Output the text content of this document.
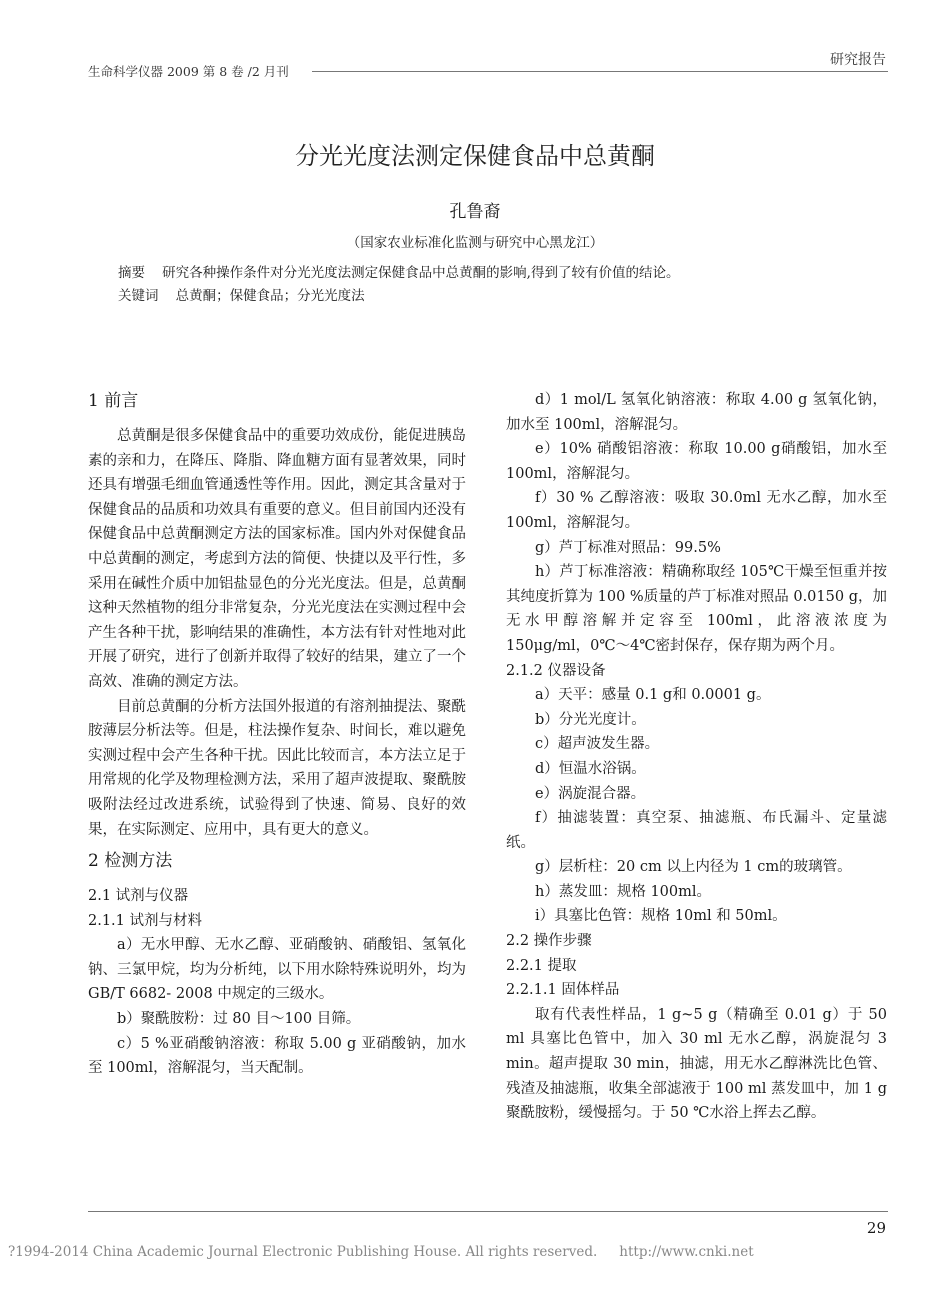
生命科学仪器 2009 第 8 卷 /2 月刊
研究报告
分光光度法测定保健食品中总黄酮
孔鲁裔
（国家农业标准化监测与研究中心黑龙江）
摘要    研究各种操作条件对分光光度法测定保健食品中总黄酮的影响,得到了较有价值的结论。
关键词    总黄酮；保健食品；分光光度法

1 前言

总黄酮是很多保健食品中的重要功效成份，能促进胰岛素的亲和力，在降压、降脂、降血糖方面有显著效果，同时还具有增强毛细血管通透性等作用。因此，测定其含量对于保健食品的品质和功效具有重要的意义。但目前国内还没有保健食品中总黄酮测定方法的国家标准。国内外对保健食品中总黄酮的测定，考虑到方法的简便、快捷以及平行性，多采用在碱性介质中加铝盐显色的分光光度法。但是，总黄酮这种天然植物的组分非常复杂，分光光度法在实测过程中会产生各种干扰，影响结果的准确性，本方法有针对性地对此开展了研究，进行了创新并取得了较好的结果，建立了一个高效、准确的测定方法。

目前总黄酮的分析方法国外报道的有溶剂抽提法、聚酰胺薄层分析法等。但是，柱法操作复杂、时间长，难以避免实测过程中会产生各种干扰。因此比较而言，本方法立足于用常规的化学及物理检测方法，采用了超声波提取、聚酰胺吸附法经过改进系统，试验得到了快速、简易、良好的效果，在实际测定、应用中，具有更大的意义。

2 检测方法

2.1 试剂与仪器

2.1.1 试剂与材料

a）无水甲醇、无水乙醇、亚硝酸钠、硝酸铝、氢氧化钠、三氯甲烷，均为分析纯，以下用水除特殊说明外，均为 GB/T 6682- 2008 中规定的三级水。

b）聚酰胺粉：过 80 目～100 目筛。

c）5 %亚硝酸钠溶液：称取 5.00 g 亚硝酸钠，加水至 100ml，溶解混匀，当天配制。

d）1 mol/L 氢氧化钠溶液：称取 4.00 g 氢氧化钠，加水至 100ml，溶解混匀。

e）10% 硝酸铝溶液：称取 10.00 g硝酸铝，加水至 100ml，溶解混匀。

f）30 % 乙醇溶液：吸取 30.0ml 无水乙醇，加水至 100ml，溶解混匀。

g）芦丁标准对照品：99.5%

h）芦丁标准溶液：精确称取经 105℃干燥至恒重并按其纯度折算为 100 %质量的芦丁标准对照品 0.0150 g，加无水甲醇溶解并定容至 100ml，此溶液浓度为 150μg/ml，0℃～4℃密封保存，保存期为两个月。

2.1.2 仪器设备

a）天平：感量 0.1 g和 0.0001 g。

b）分光光度计。

c）超声波发生器。

d）恒温水浴锅。

e）涡旋混合器。

f）抽滤装置：真空泵、抽滤瓶、布氏漏斗、定量滤纸。

g）层析柱：20 cm 以上内径为 1 cm的玻璃管。

h）蒸发皿：规格 100ml。

i）具塞比色管：规格 10ml 和 50ml。

2.2 操作步骤

2.2.1 提取

2.2.1.1 固体样品

取有代表性样品，1 g~5 g（精确至 0.01 g）于 50 ml 具塞比色管中，加入 30 ml 无水乙醇，涡旋混匀 3 min。超声提取 30 min，抽滤，用无水乙醇淋洗比色管、残渣及抽滤瓶，收集全部滤液于 100 ml 蒸发皿中，加 1 g 聚酰胺粉，缓慢摇匀。于 50 ℃水浴上挥去乙醇。

29
?1994-2014 China Academic Journal Electronic Publishing House. All rights reserved. http://www.cnki.net
